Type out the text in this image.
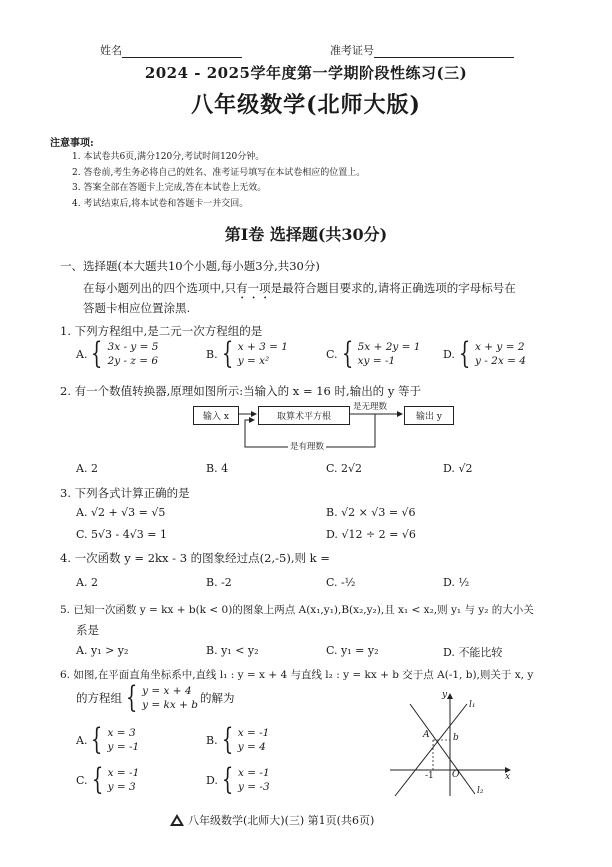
姓名	准考证号
2024 - 2025学年度第一学期阶段性练习(三)
八年级数学(北师大版)
注意事项:
1. 本试卷共6页,满分120分,考试时间120分钟。
2. 答卷前,考生务必将自己的姓名、准考证号填写在本试卷相应的位置上。
3. 答案全部在答题卡上完成,答在本试卷上无效。
4. 考试结束后,将本试卷和答题卡一并交回。
第Ⅰ卷 选择题(共30分)
一、选择题(本大题共10个小题,每小题3分,共30分)
在每小题列出的四个选项中,只有一项是最符合题目要求的,请将正确选项的字母标号在
答题卡相应位置涂黑.
1. 下列方程组中,是二元一次方程组的是
A. { 3x - y = 5
2y - z = 6
B. { x + 3 = 1
y = x²
C. { 5x + 2y = 1
xy = -1
D. { x + y = 2
y - 2x = 4
2. 有一个数值转换器,原理如图所示:当输入的 x = 16 时,输出的 y 等于
输入 x	取算术平方根	输出 y
是无理数
是有理数
A. 2	B. 4	C. 2√2	D. √2
3. 下列各式计算正确的是
A. √2 + √3 = √5	B. √2 × √3 = √6
C. 5√3 - 4√3 = 1	D. √12 ÷ 2 = √6
4. 一次函数 y = 2kx - 3 的图象经过点(2,-5),则 k =
A. 2	B. -2	C. -½	D. ½
5. 已知一次函数 y = kx + b(k < 0)的图象上两点 A(x₁,y₁),B(x₂,y₂),且 x₁ < x₂,则 y₁ 与 y₂ 的大小关
系是
A. y₁ > y₂	B. y₁ < y₂	C. y₁ = y₂	D. 不能比较
6. 如图,在平面直角坐标系中,直线 l₁ : y = x + 4 与直线 l₂ : y = kx + b 交于点 A(-1, b),则关于 x, y
的方程组 { y = x + 4
y = kx + b 的解为
A. { x = 3
y = -1
B. { x = -1
y = 4
C. { x = -1
y = 3
D. { x = -1
y = -3
y
x
O
A	b
-1
l₁
l₂
八年级数学(北师大)(三) 第1页(共6页)
